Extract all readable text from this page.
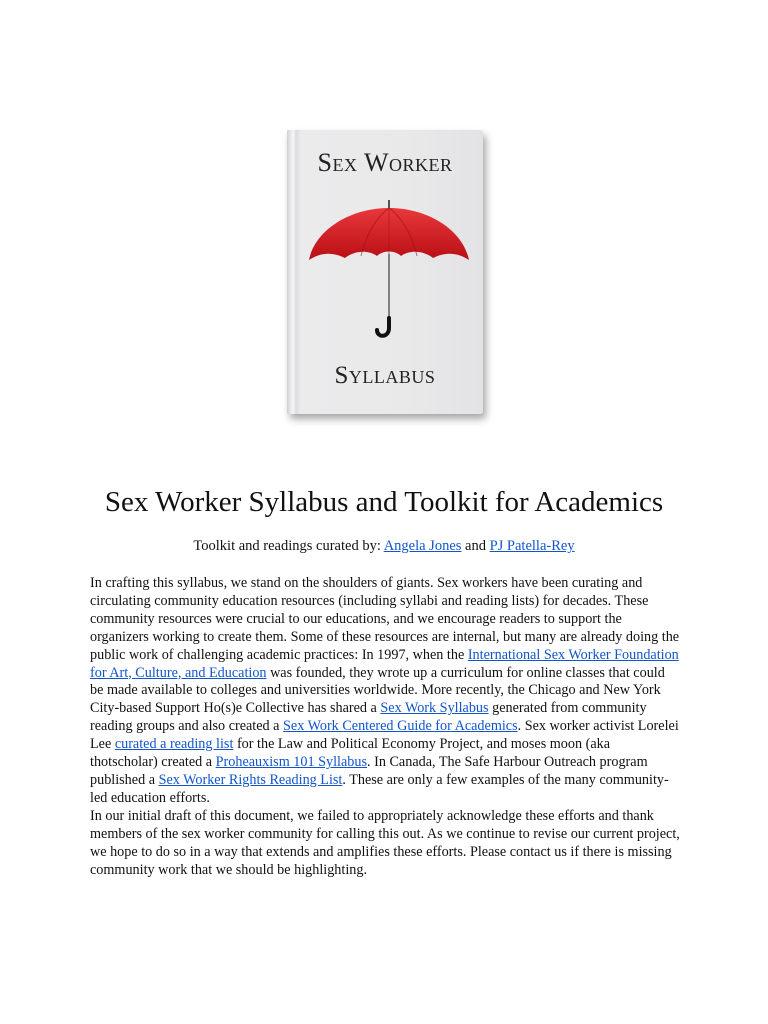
Sex Worker
Syllabus
Sex Worker Syllabus and Toolkit for Academics
Toolkit and readings curated by: Angela Jones and PJ Patella-Rey

In crafting this syllabus, we stand on the shoulders of giants. Sex workers have been curating and circulating community education resources (including syllabi and reading lists) for decades. These community resources were crucial to our educations, and we encourage readers to support the organizers working to create them. Some of these resources are internal, but many are already doing the public work of challenging academic practices: In 1997, when the International Sex Worker Foundation for Art, Culture, and Education was founded, they wrote up a curriculum for online classes that could be made available to colleges and universities worldwide. More recently, the Chicago and New York City-based Support Ho(s)e Collective has shared a Sex Work Syllabus generated from community reading groups and also created a Sex Work Centered Guide for Academics. Sex worker activist Lorelei Lee curated a reading list for the Law and Political Economy Project, and moses moon (aka thotscholar) created a Proheauxism 101 Syllabus. In Canada, The Safe Harbour Outreach program published a Sex Worker Rights Reading List. These are only a few examples of the many community-led education efforts.
In our initial draft of this document, we failed to appropriately acknowledge these efforts and thank members of the sex worker community for calling this out. As we continue to revise our current project, we hope to do so in a way that extends and amplifies these efforts. Please contact us if there is missing community work that we should be highlighting.
